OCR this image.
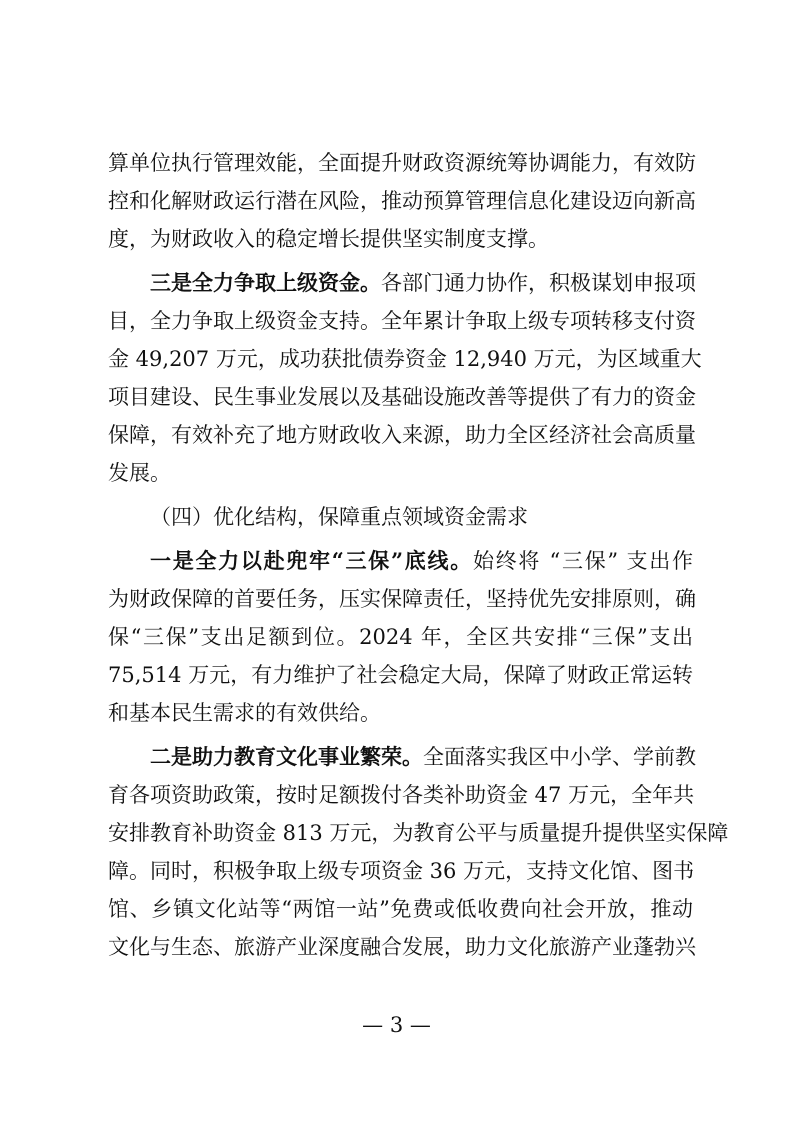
算单位执行管理效能，全面提升财政资源统筹协调能力，有效防
控和化解财政运行潜在风险，推动预算管理信息化建设迈向新高
度，为财政收入的稳定增长提供坚实制度支撑。
三是全力争取上级资金。各部门通力协作，积极谋划申报项
目，全力争取上级资金支持。全年累计争取上级专项转移支付资
金 49,207 万元，成功获批债券资金 12,940 万元，为区域重大
项目建设、民生事业发展以及基础设施改善等提供了有力的资金
保障，有效补充了地方财政收入来源，助力全区经济社会高质量
发展。
（四）优化结构，保障重点领域资金需求
一是全力以赴兜牢“三保”底线。始终将 “三保” 支出作
为财政保障的首要任务，压实保障责任，坚持优先安排原则，确
保“三保”支出足额到位。2024 年，全区共安排“三保”支出
75,514 万元，有力维护了社会稳定大局，保障了财政正常运转
和基本民生需求的有效供给。
二是助力教育文化事业繁荣。全面落实我区中小学、学前教
育各项资助政策，按时足额拨付各类补助资金 47 万元，全年共
安排教育补助资金 813 万元，为教育公平与质量提升提供坚实保障
障。同时，积极争取上级专项资金 36 万元，支持文化馆、图书
馆、乡镇文化站等“两馆一站”免费或低收费向社会开放，推动
文化与生态、旅游产业深度融合发展，助力文化旅游产业蓬勃兴
— 3 —
